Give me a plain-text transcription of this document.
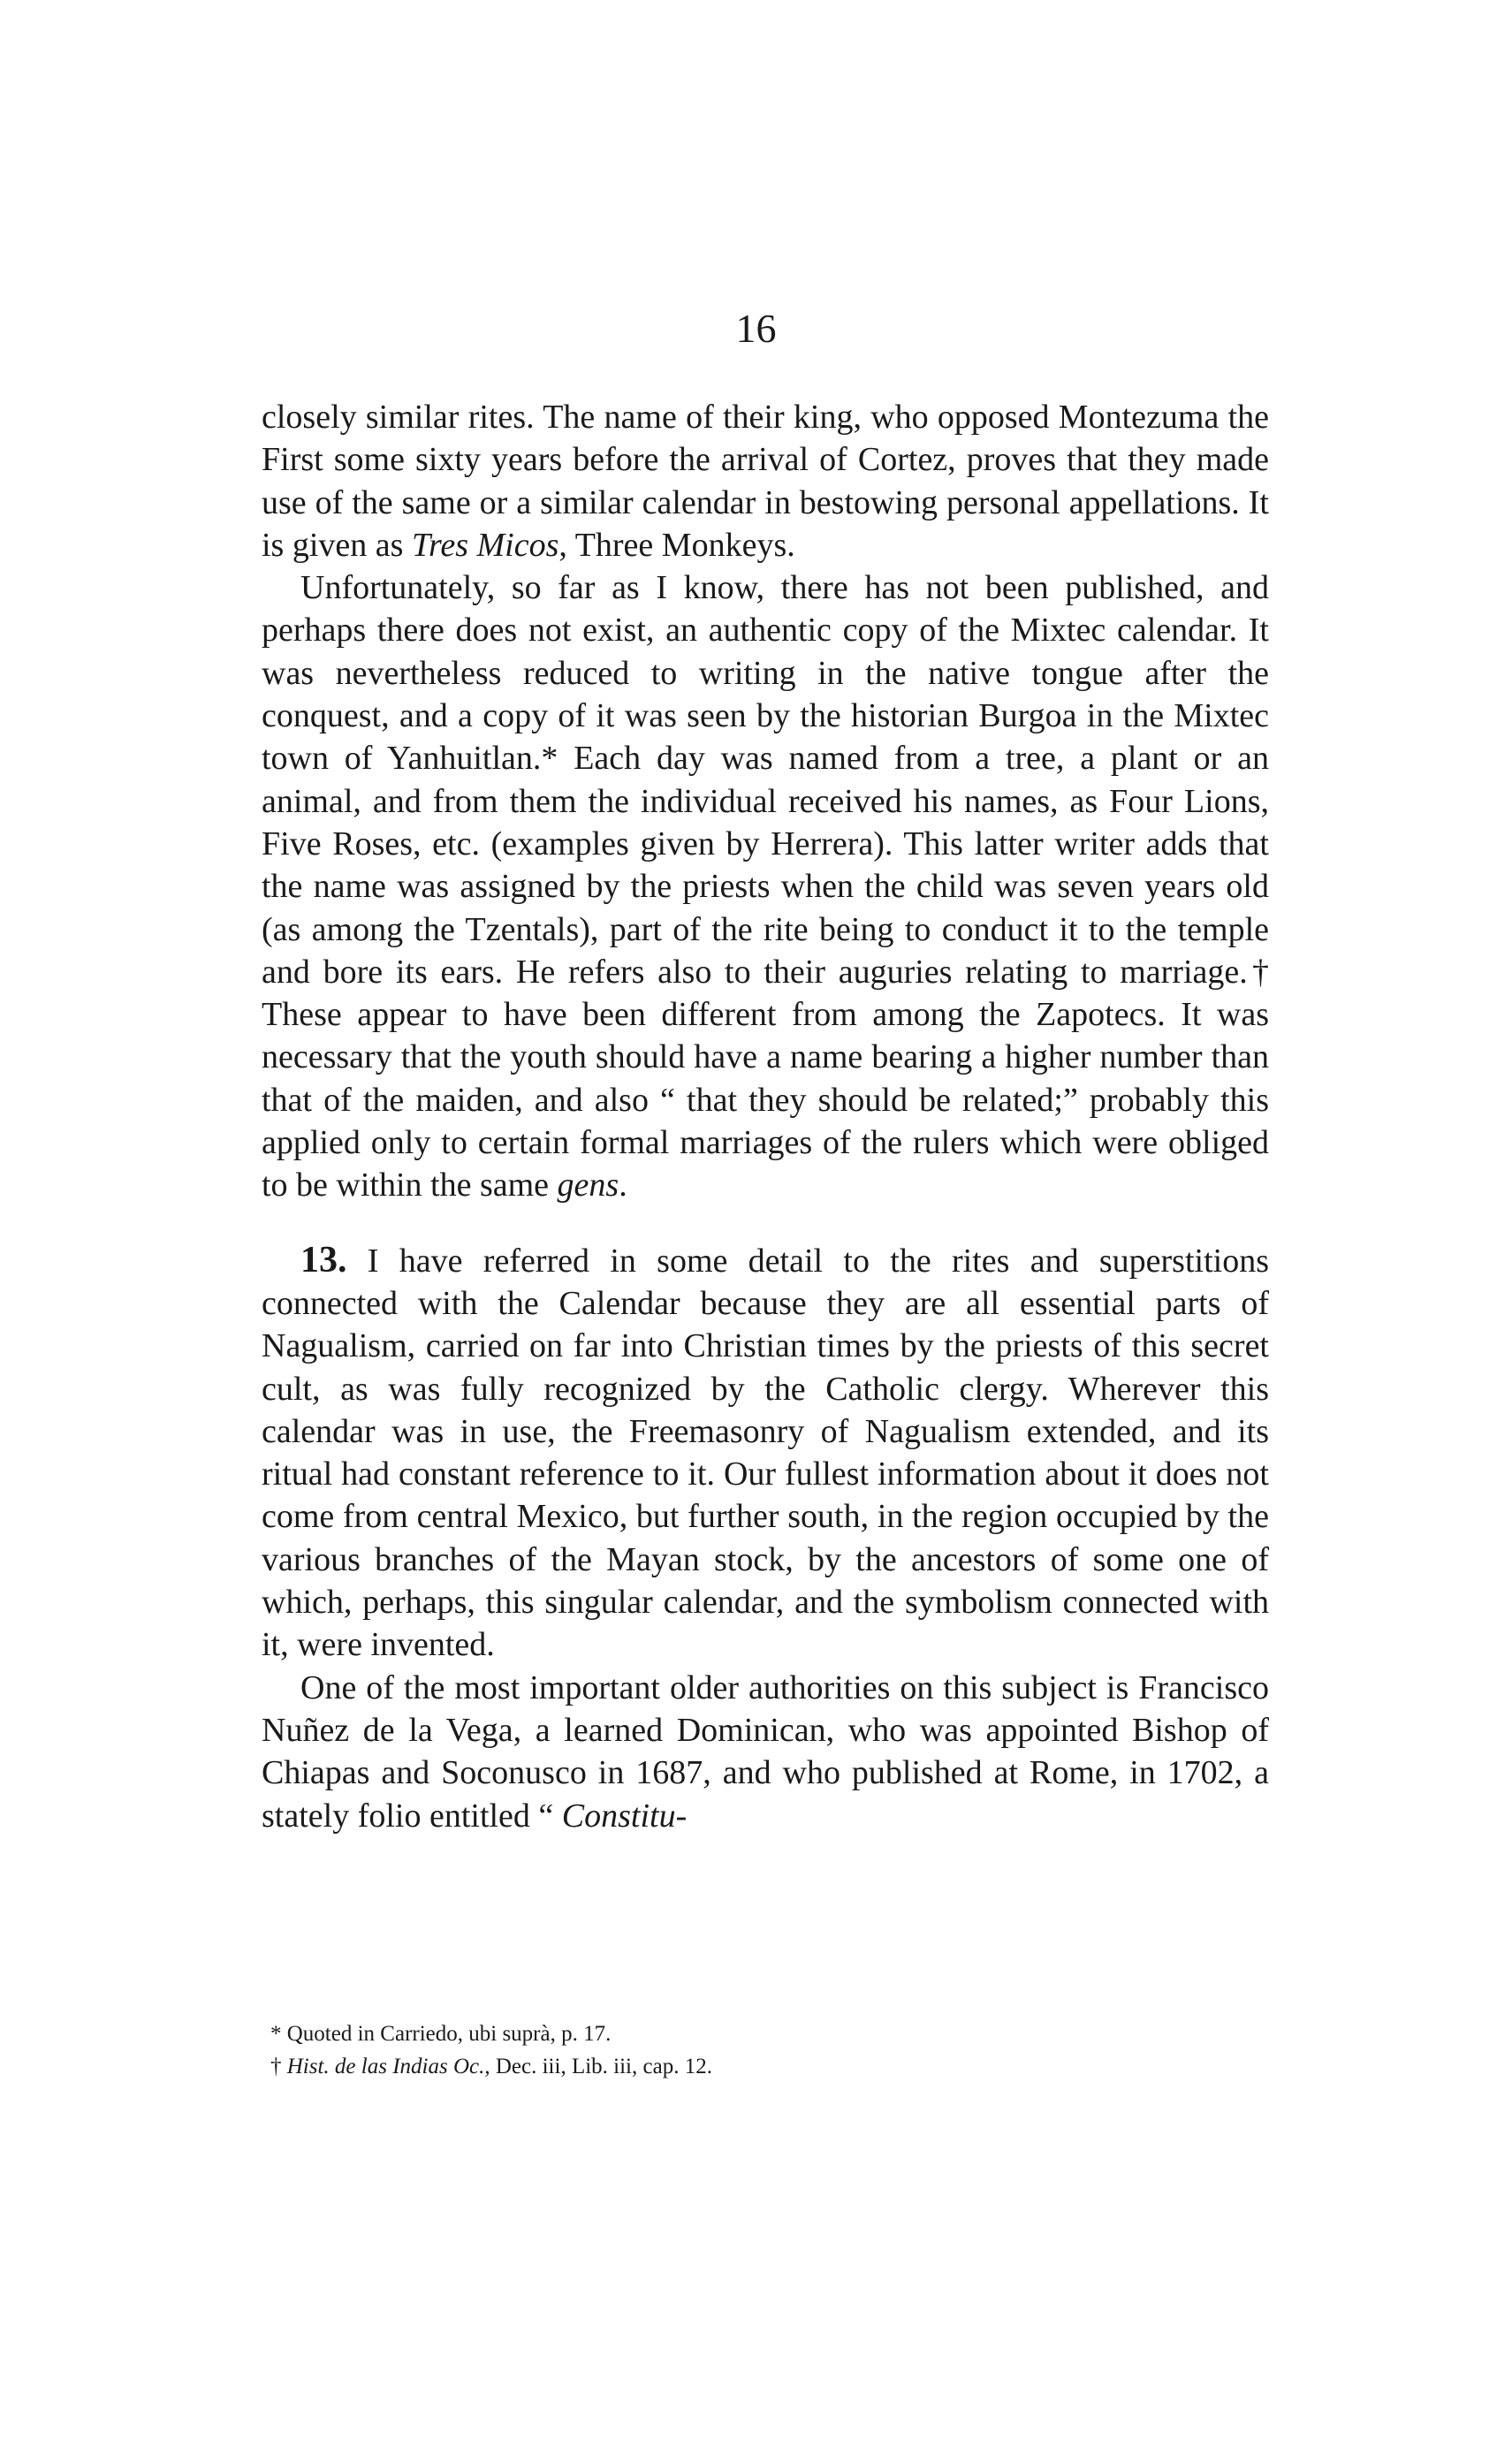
16

closely similar rites. The name of their king, who opposed Montezuma the First some sixty years before the arrival of Cortez, proves that they made use of the same or a similar calendar in bestowing personal appellations. It is given as Tres Micos, Three Monkeys.

Unfortunately, so far as I know, there has not been published, and perhaps there does not exist, an authentic copy of the Mixtec calendar. It was nevertheless reduced to writing in the native tongue after the conquest, and a copy of it was seen by the historian Burgoa in the Mixtec town of Yanhuitlan.* Each day was named from a tree, a plant or an animal, and from them the individual received his names, as Four Lions, Five Roses, etc. (examples given by Herrera). This latter writer adds that the name was assigned by the priests when the child was seven years old (as among the Tzentals), part of the rite being to conduct it to the temple and bore its ears. He refers also to their auguries relating to marriage.† These appear to have been different from among the Zapotecs. It was necessary that the youth should have a name bearing a higher number than that of the maiden, and also “ that they should be related;” probably this applied only to certain formal marriages of the rulers which were obliged to be within the same gens.

13. I have referred in some detail to the rites and superstitions connected with the Calendar because they are all essential parts of Nagualism, carried on far into Christian times by the priests of this secret cult, as was fully recognized by the Catholic clergy. Wherever this calendar was in use, the Freemasonry of Nagualism extended, and its ritual had constant reference to it. Our fullest information about it does not come from central Mexico, but further south, in the region occupied by the various branches of the Mayan stock, by the ancestors of some one of which, perhaps, this singular calendar, and the symbolism connected with it, were invented.

One of the most important older authorities on this subject is Francisco Nuñez de la Vega, a learned Dominican, who was appointed Bishop of Chiapas and Soconusco in 1687, and who published at Rome, in 1702, a stately folio entitled “ Constitu-

* Quoted in Carriedo, ubi suprà, p. 17.

† Hist. de las Indias Oc., Dec. iii, Lib. iii, cap. 12.
